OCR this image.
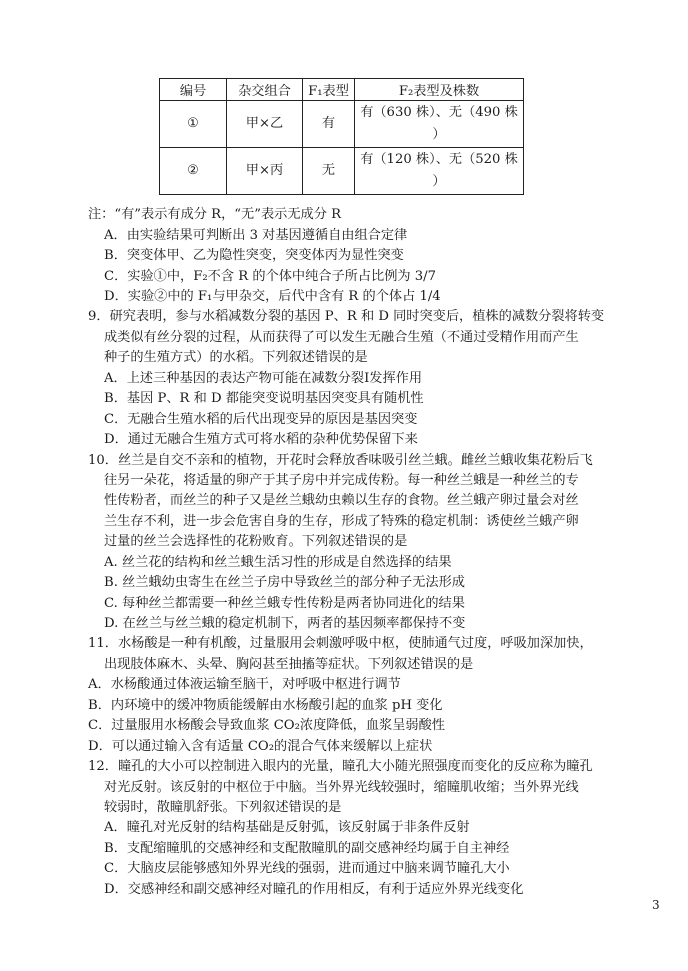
编号	杂交组合	F₁表型	F₂表型及株数
①	甲×乙	有	有（630 株）、无（490 株
）
②	甲×丙	无	有（120 株）、无（520 株
）
注：“有”表示有成分 R，“无”表示无成分 R
A．由实验结果可判断出 3 对基因遵循自由组合定律
B．突变体甲、乙为隐性突变，突变体丙为显性突变
C．实验①中，F₂不含 R 的个体中纯合子所占比例为 3/7
D．实验②中的 F₁与甲杂交，后代中含有 R 的个体占 1/4
9．研究表明，参与水稻减数分裂的基因 P、R 和 D 同时突变后，植株的减数分裂将转变
成类似有丝分裂的过程，从而获得了可以发生无融合生殖（不通过受精作用而产生
种子的生殖方式）的水稻。下列叙述错误的是
A．上述三种基因的表达产物可能在减数分裂Ⅰ发挥作用
B．基因 P、R 和 D 都能突变说明基因突变具有随机性
C．无融合生殖水稻的后代出现变异的原因是基因突变
D．通过无融合生殖方式可将水稻的杂种优势保留下来
10．丝兰是自交不亲和的植物，开花时会释放香味吸引丝兰蛾。雌丝兰蛾收集花粉后飞
往另一朵花，将适量的卵产于其子房中并完成传粉。每一种丝兰蛾是一种丝兰的专
性传粉者，而丝兰的种子又是丝兰蛾幼虫赖以生存的食物。丝兰蛾产卵过量会对丝
兰生存不利，进一步会危害自身的生存，形成了特殊的稳定机制：诱使丝兰蛾产卵
过量的丝兰会选择性的花粉败育。下列叙述错误的是
A. 丝兰花的结构和丝兰蛾生活习性的形成是自然选择的结果
B. 丝兰蛾幼虫寄生在丝兰子房中导致丝兰的部分种子无法形成
C. 每种丝兰都需要一种丝兰蛾专性传粉是两者协同进化的结果
D. 在丝兰与丝兰蛾的稳定机制下，两者的基因频率都保持不变
11．水杨酸是一种有机酸，过量服用会刺激呼吸中枢，使肺通气过度，呼吸加深加快，
出现肢体麻木、头晕、胸闷甚至抽搐等症状。下列叙述错误的是
A．水杨酸通过体液运输至脑干，对呼吸中枢进行调节
B．内环境中的缓冲物质能缓解由水杨酸引起的血浆 pH 变化
C．过量服用水杨酸会导致血浆 CO₂浓度降低，血浆呈弱酸性
D．可以通过输入含有适量 CO₂的混合气体来缓解以上症状
12．瞳孔的大小可以控制进入眼内的光量，瞳孔大小随光照强度而变化的反应称为瞳孔
对光反射。该反射的中枢位于中脑。当外界光线较强时，缩瞳肌收缩；当外界光线
较弱时，散瞳肌舒张。下列叙述错误的是
A．瞳孔对光反射的结构基础是反射弧，该反射属于非条件反射
B．支配缩瞳肌的交感神经和支配散瞳肌的副交感神经均属于自主神经
C．大脑皮层能够感知外界光线的强弱，进而通过中脑来调节瞳孔大小
D．交感神经和副交感神经对瞳孔的作用相反，有利于适应外界光线变化
3
